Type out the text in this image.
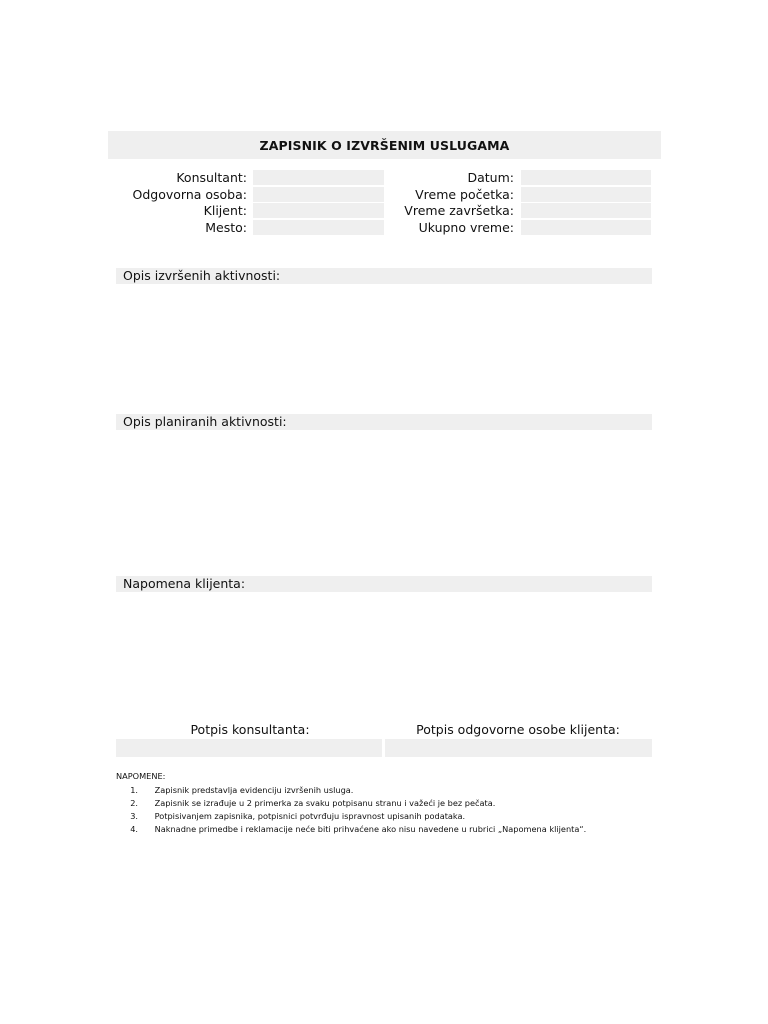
ZAPISNIK O IZVRŠENIM USLUGAMA
Konsultant:
Odgovorna osoba:
Klijent:
Mesto:
Datum:
Vreme početka:
Vreme završetka:
Ukupno vreme:
Opis izvršenih aktivnosti:
Opis planiranih aktivnosti:
Napomena klijenta:
Potpis konsultanta:	Potpis odgovorne osobe klijenta:
NAPOMENE:
1. Zapisnik predstavlja evidenciju izvršenih usluga.
2. Zapisnik se izrađuje u 2 primerka za svaku potpisanu stranu i važeći je bez pečata.
3. Potpisivanjem zapisnika, potpisnici potvrđuju ispravnost upisanih podataka.
4. Naknadne primedbe i reklamacije neće biti prihvaćene ako nisu navedene u rubrici „Napomena klijenta“.
